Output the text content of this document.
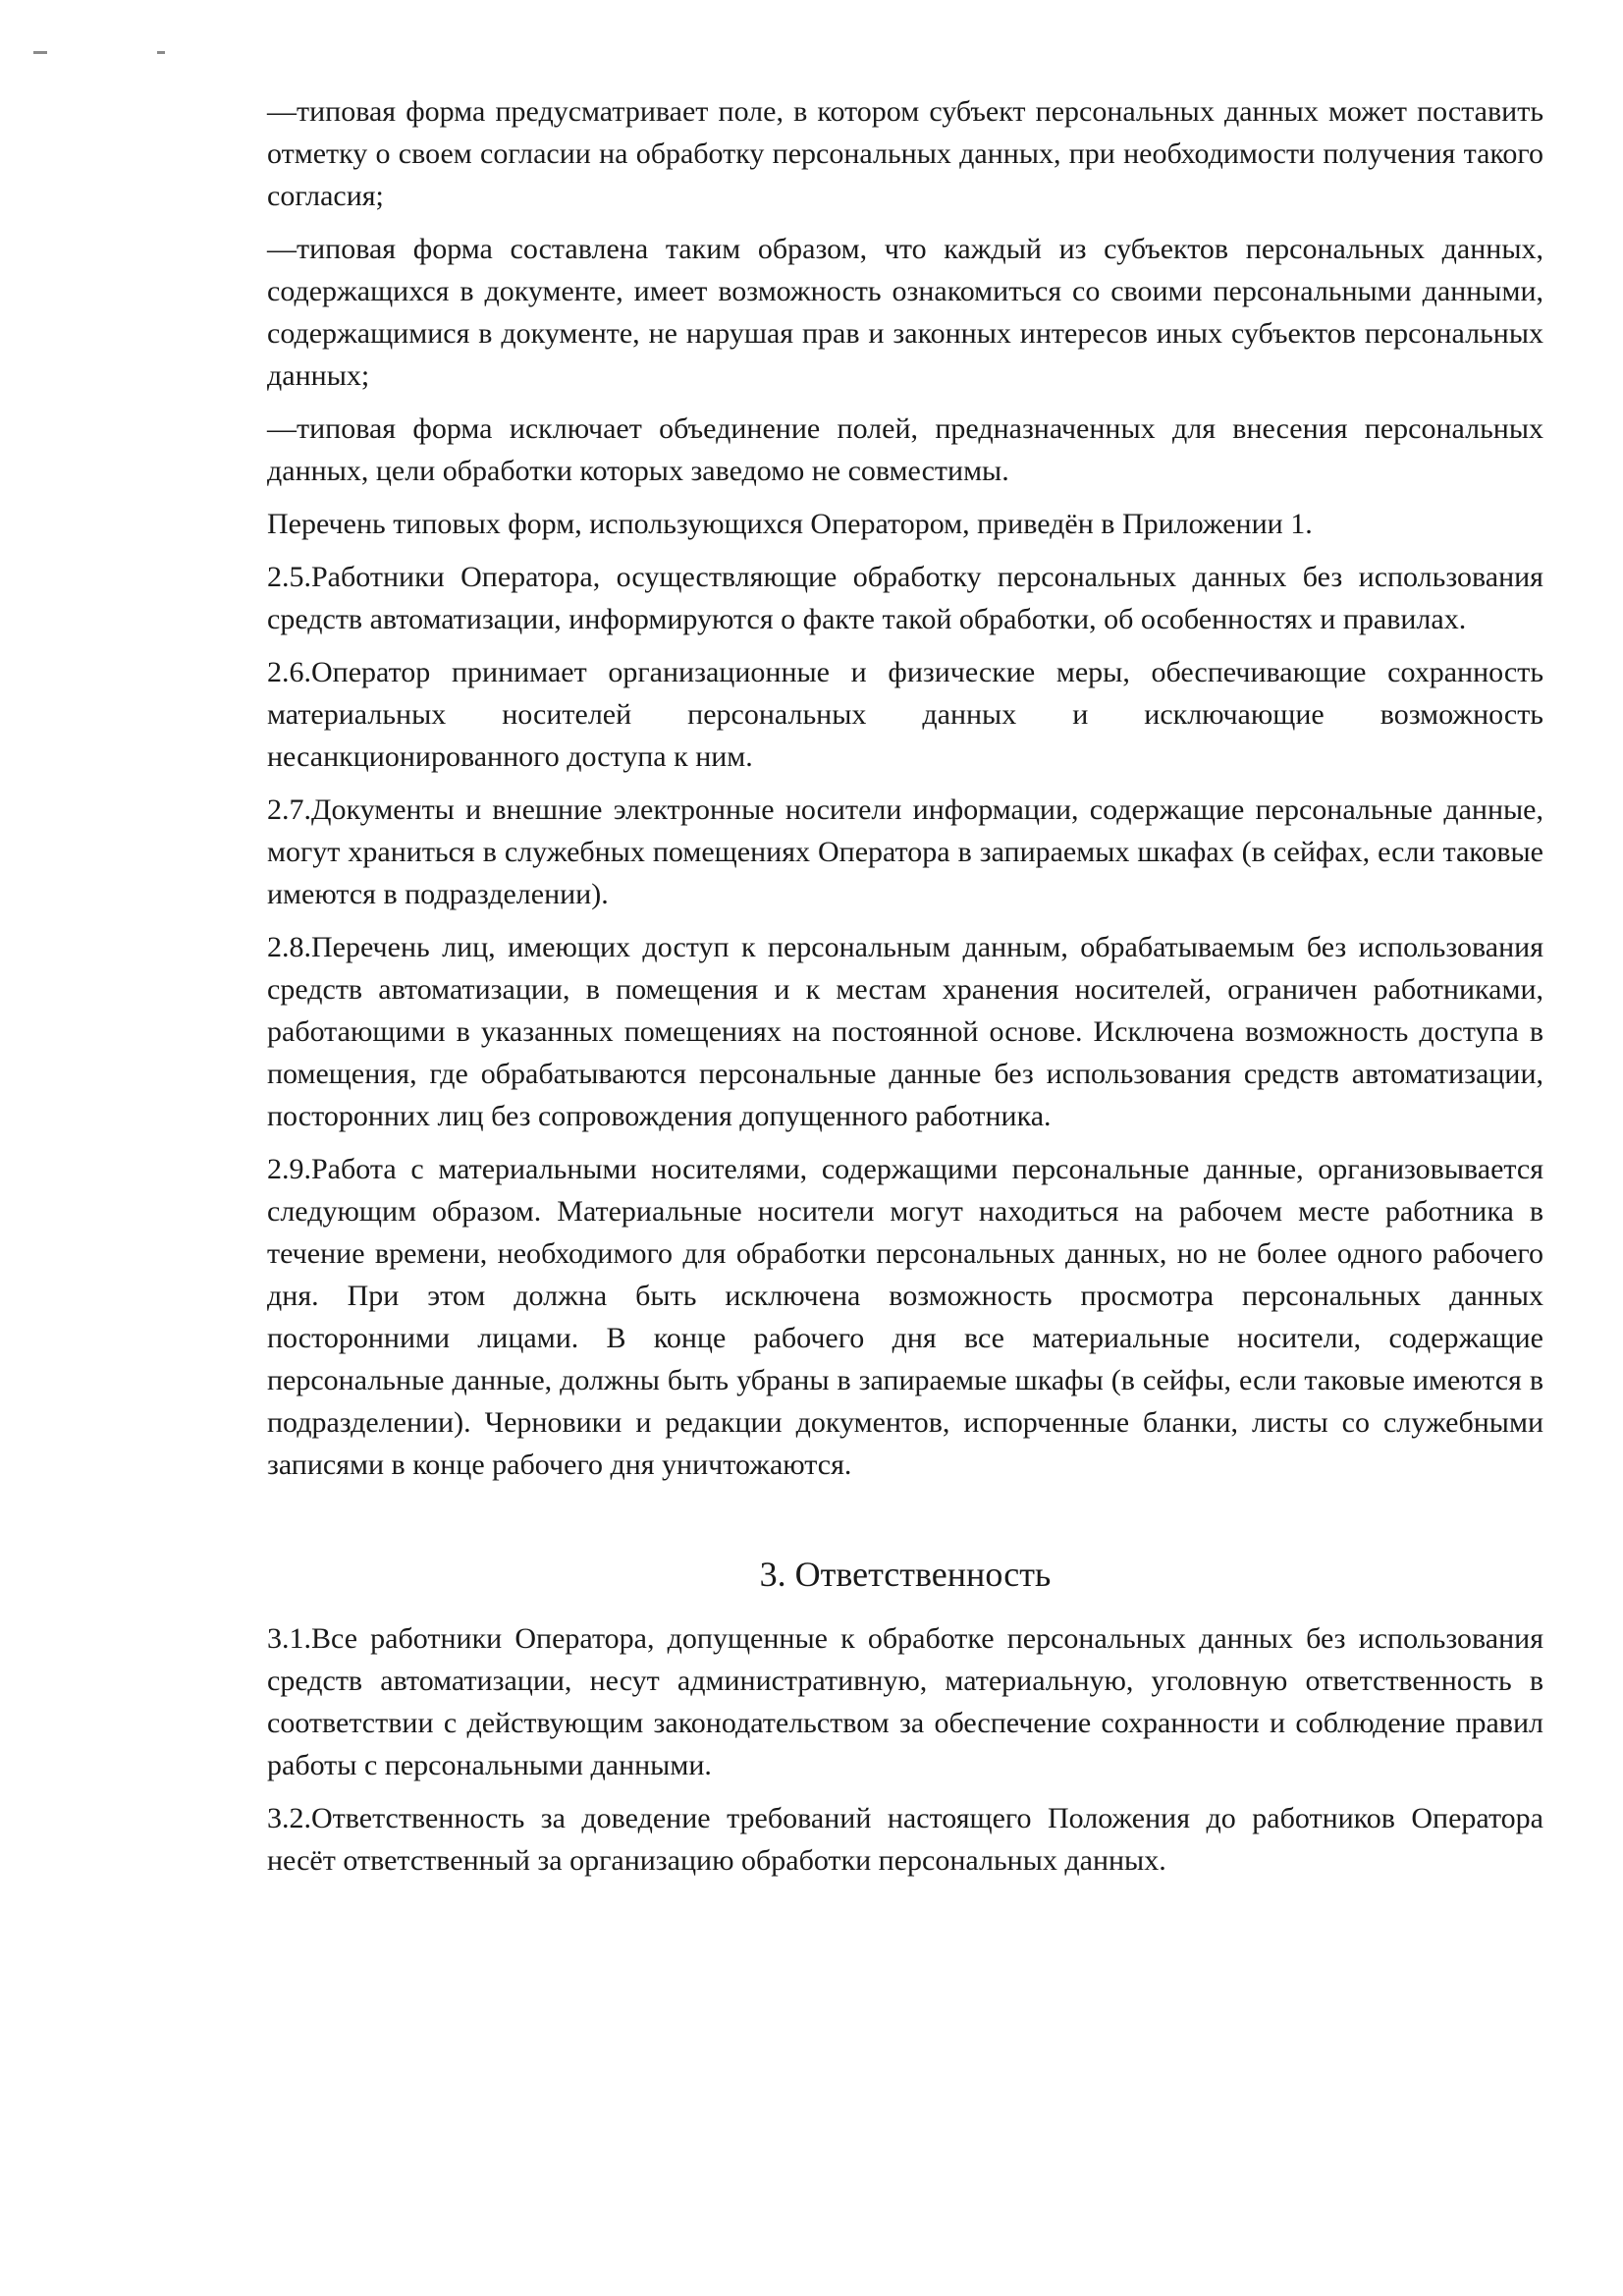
—типовая форма предусматривает поле, в котором субъект персональных данных может поставить отметку о своем согласии на обработку персональных данных, при необходимости получения такого согласия;

—типовая форма составлена таким образом, что каждый из субъектов персональных данных, содержащихся в документе, имеет возможность ознакомиться со своими персональными данными, содержащимися в документе, не нарушая прав и законных интересов иных субъектов персональных данных;

—типовая форма исключает объединение полей, предназначенных для внесения персональных данных, цели обработки которых заведомо не совместимы.

Перечень типовых форм, использующихся Оператором, приведён в Приложении 1.

2.5.Работники Оператора, осуществляющие обработку персональных данных без использования средств автоматизации, информируются о факте такой обработки, об особенностях и правилах.

2.6.Оператор принимает организационные и физические меры, обеспечивающие сохранность материальных носителей персональных данных и исключающие возможность несанкционированного доступа к ним.

2.7.Документы и внешние электронные носители информации, содержащие персональные данные, могут храниться в служебных помещениях Оператора в запираемых шкафах (в сейфах, если таковые имеются в подразделении).

2.8.Перечень лиц, имеющих доступ к персональным данным, обрабатываемым без использования средств автоматизации, в помещения и к местам хранения носителей, ограничен работниками, работающими в указанных помещениях на постоянной основе. Исключена возможность доступа в помещения, где обрабатываются персональные данные без использования средств автоматизации, посторонних лиц без сопровождения допущенного работника.

2.9.Работа с материальными носителями, содержащими персональные данные, организовывается следующим образом. Материальные носители могут находиться на рабочем месте работника в течение времени, необходимого для обработки персональных данных, но не более одного рабочего дня. При этом должна быть исключена возможность просмотра персональных данных посторонними лицами. В конце рабочего дня все материальные носители, содержащие персональные данные, должны быть убраны в запираемые шкафы (в сейфы, если таковые имеются в подразделении). Черновики и редакции документов, испорченные бланки, листы со служебными записями в конце рабочего дня уничтожаются.

3. Ответственность

3.1.Все работники Оператора, допущенные к обработке персональных данных без использования средств автоматизации, несут административную, материальную, уголовную ответственность в соответствии с действующим законодательством за обеспечение сохранности и соблюдение правил работы с персональными данными.

3.2.Ответственность за доведение требований настоящего Положения до работников Оператора несёт ответственный за организацию обработки персональных данных.
